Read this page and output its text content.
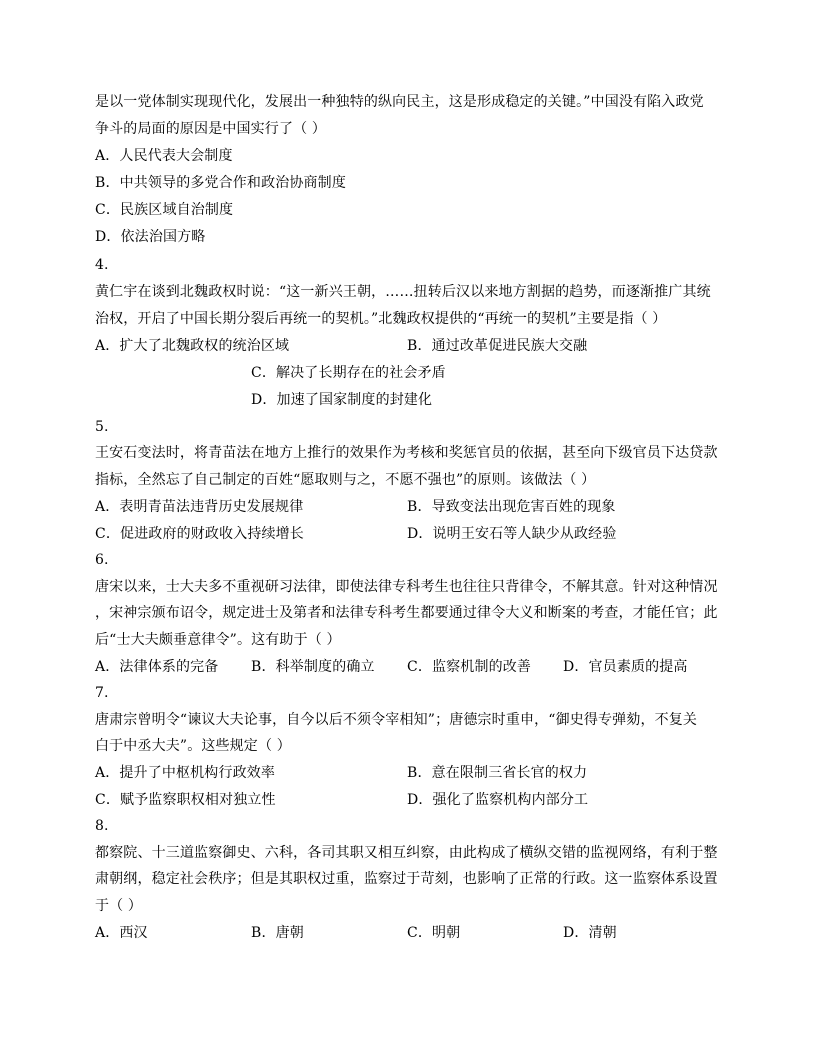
是以一党体制实现现代化，发展出一种独特的纵向民主，这是形成稳定的关键。”中国没有陷入政党
争斗的局面的原因是中国实行了（ ）
A．人民代表大会制度
B．中共领导的多党合作和政治协商制度
C．民族区域自治制度
D．依法治国方略
4.
黄仁宇在谈到北魏政权时说：“这一新兴王朝，……扭转后汉以来地方割据的趋势，而逐渐推广其统
治权，开启了中国长期分裂后再统一的契机。”北魏政权提供的“再统一的契机”主要是指（ ）
A．扩大了北魏政权的统治区域	B．通过改革促进民族大交融
C．解决了长期存在的社会矛盾
D．加速了国家制度的封建化
5.
王安石变法时，将青苗法在地方上推行的效果作为考核和奖惩官员的依据，甚至向下级官员下达贷款
指标，全然忘了自己制定的百姓“愿取则与之，不愿不强也”的原则。该做法（ ）
A．表明青苗法违背历史发展规律	B．导致变法出现危害百姓的现象
C．促进政府的财政收入持续增长	D．说明王安石等人缺少从政经验
6.
唐宋以来，士大夫多不重视研习法律，即使法律专科考生也往往只背律令，不解其意。针对这种情况
，宋神宗颁布诏令，规定进士及第者和法律专科考生都要通过律令大义和断案的考查，才能任官；此
后“士大夫颇垂意律令”。这有助于（ ）
A．法律体系的完备 B．科举制度的确立 C．监察机制的改善 D．官员素质的提高
7.
唐肃宗曾明令“谏议大夫论事，自今以后不须令宰相知”；唐德宗时重申，“御史得专弹劾，不复关
白于中丞大夫”。这些规定（ ）
A．提升了中枢机构行政效率	B．意在限制三省长官的权力
C．赋予监察职权相对独立性	D．强化了监察机构内部分工
8.
都察院、十三道监察御史、六科，各司其职又相互纠察，由此构成了横纵交错的监视网络，有利于整
肃朝纲，稳定社会秩序；但是其职权过重，监察过于苛刻，也影响了正常的行政。这一监察体系设置
于（ ）
A．西汉	B．唐朝	C．明朝	D．清朝
